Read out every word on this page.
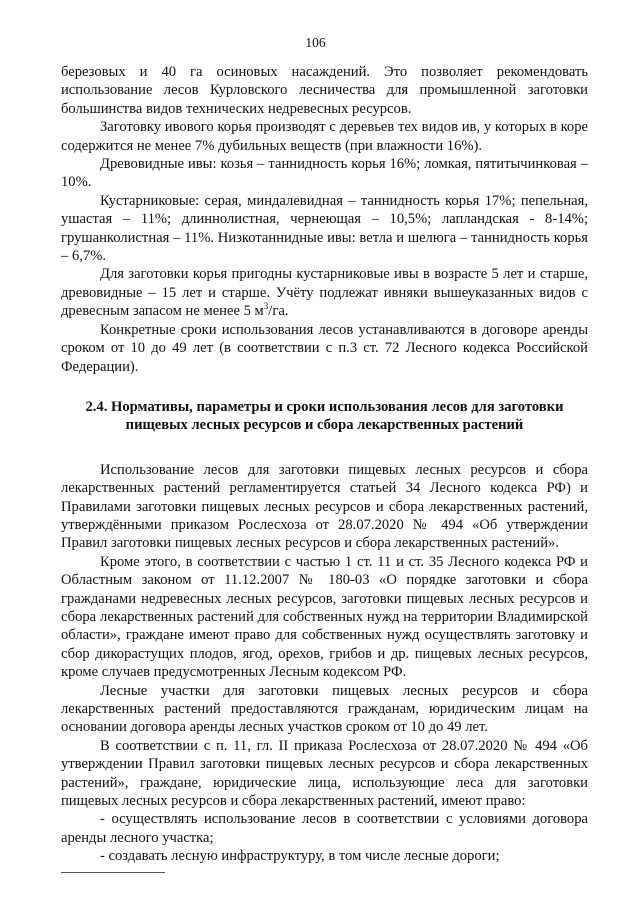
106

березовых и 40 га осиновых насаждений. Это позволяет рекомендовать использование лесов Курловского лесничества для промышленной заготовки большинства видов технических недревесных ресурсов.

Заготовку ивового корья производят с деревьев тех видов ив, у которых в коре содержится не менее 7% дубильных веществ (при влажности 16%).

Древовидные ивы: козья – таннидность корья 16%; ломкая, пятитычинковая – 10%.

Кустарниковые: серая, миндалевидная – таннидность корья 17%; пепельная, ушастая – 11%; длиннолистная, чернеющая – 10,5%; лапландская - 8-14%; грушанколистная – 11%. Низкотаннидные ивы: ветла и шелюга – таннидность корья – 6,7%.

Для заготовки корья пригодны кустарниковые ивы в возрасте 5 лет и старше, древовидные – 15 лет и старше. Учёту подлежат ивняки вышеуказанных видов с древесным запасом не менее 5 $м^3/га$.

Конкретные сроки использования лесов устанавливаются в договоре аренды сроком от 10 до 49 лет (в соответствии с п.3 ст. 72 Лесного кодекса Российской Федерации).

2.4. Нормативы, параметры и сроки использования лесов для заготовки
пищевых лесных ресурсов и сбора лекарственных растений

Использование лесов для заготовки пищевых лесных ресурсов и сбора лекарственных растений регламентируется статьей 34 Лесного кодекса РФ) и Правилами заготовки пищевых лесных ресурсов и сбора лекарственных растений, утверждёнными приказом Рослесхоза от 28.07.2020 № 494 «Об утверждении Правил заготовки пищевых лесных ресурсов и сбора лекарственных растений».

Кроме этого, в соответствии с частью 1 ст. 11 и ст. 35 Лесного кодекса РФ и Областным законом от 11.12.2007 № 180-03 «О порядке заготовки и сбора гражданами недревесных лесных ресурсов, заготовки пищевых лесных ресурсов и сбора лекарственных растений для собственных нужд на территории Владимирской области», граждане имеют право для собственных нужд осуществлять заготовку и сбор дикорастущих плодов, ягод, орехов, грибов и др. пищевых лесных ресурсов, кроме случаев предусмотренных Лесным кодексом РФ.

Лесные участки для заготовки пищевых лесных ресурсов и сбора лекарственных растений предоставляются гражданам, юридическим лицам на основании договора аренды лесных участков сроком от 10 до 49 лет.

В соответствии с п. 11, гл. II приказа Рослесхоза от 28.07.2020 № 494 «Об утверждении Правил заготовки пищевых лесных ресурсов и сбора лекарственных растений», граждане, юридические лица, использующие леса для заготовки пищевых лесных ресурсов и сбора лекарственных растений, имеют право:

- осуществлять использование лесов в соответствии с условиями договора аренды лесного участка;

- создавать лесную инфраструктуру, в том числе лесные дороги;
